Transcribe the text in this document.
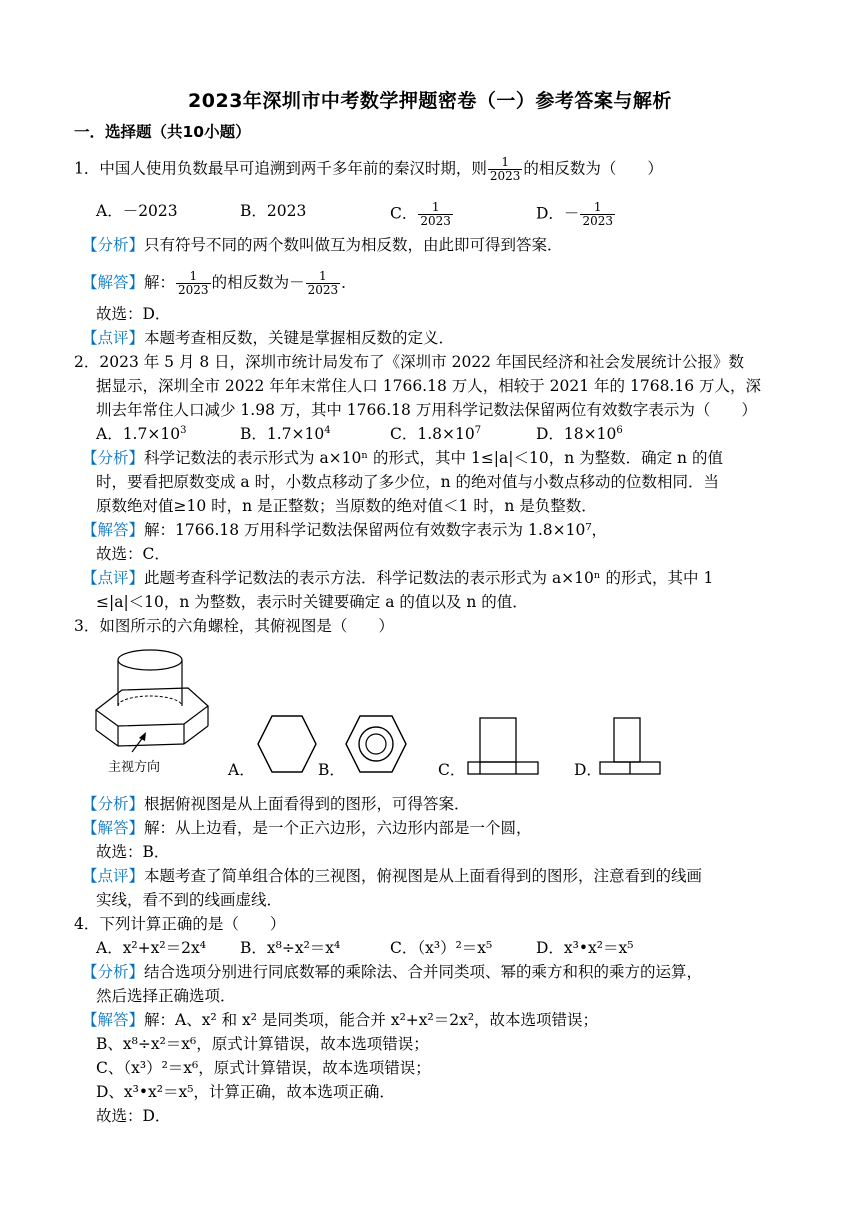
2023年深圳市中考数学押题密卷（一）参考答案与解析
一．选择题（共10小题）
1．中国人使用负数最早可追溯到两千多年前的秦汉时期，则 $\frac{1}{2023}$ 的相反数为（　　）
A．－2023	B．2023	C． $\frac{1}{2023}$	D．－ $\frac{1}{2023}$
【分析】只有符号不同的两个数叫做互为相反数，由此即可得到答案．
【解答】解： $\frac{1}{2023}$ 的相反数为－ $\frac{1}{2023}$ ．
故选：D．
【点评】本题考查相反数，关键是掌握相反数的定义．
2．2023 年 5 月 8 日，深圳市统计局发布了《深圳市 2022 年国民经济和社会发展统计公报》数
据显示，深圳全市 2022 年年末常住人口 1766.18 万人，相较于 2021 年的 1768.16 万人，深
圳去年常住人口减少 1.98 万，其中 1766.18 万用科学记数法保留两位有效数字表示为（　　）
A．$1.7\times 10^3$	B．$1.7\times 10^4$	C．$1.8\times 10^7$	D．$18\times 10^6$
【分析】科学记数法的表示形式为 a×10ⁿ 的形式，其中 1≤|a|＜10，n 为整数．确定 n 的值
时，要看把原数变成 a 时，小数点移动了多少位，n 的绝对值与小数点移动的位数相同．当
原数绝对值≥10 时，n 是正整数；当原数的绝对值＜1 时，n 是负整数．
【解答】解：1766.18 万用科学记数法保留两位有效数字表示为 1.8×10⁷，
故选：C．
【点评】此题考查科学记数法的表示方法．科学记数法的表示形式为 a×10ⁿ 的形式，其中 1
≤|a|＜10，n 为整数，表示时关键要确定 a 的值以及 n 的值．
3．如图所示的六角螺栓，其俯视图是（　　）
主视方向	A．	B．	C．	D．
【分析】根据俯视图是从上面看得到的图形，可得答案．
【解答】解：从上边看，是一个正六边形，六边形内部是一个圆，
故选：B．
【点评】本题考查了简单组合体的三视图，俯视图是从上面看得到的图形，注意看到的线画
实线，看不到的线画虚线．
4．下列计算正确的是（　　）
A．x²+x²＝2x⁴ B．x⁸÷x²＝x⁴	C．（x³）²＝x⁵	D．x³•x²＝x⁵
【分析】结合选项分别进行同底数幂的乘除法、合并同类项、幂的乘方和积的乘方的运算，
然后选择正确选项．
【解答】解：A、x² 和 x² 是同类项，能合并 x²+x²＝2x²，故本选项错误；
B、x⁸÷x²＝x⁶，原式计算错误，故本选项错误；
C、（x³）²＝x⁶，原式计算错误，故本选项错误；
D、x³•x²＝x⁵，计算正确，故本选项正确．
故选：D．
